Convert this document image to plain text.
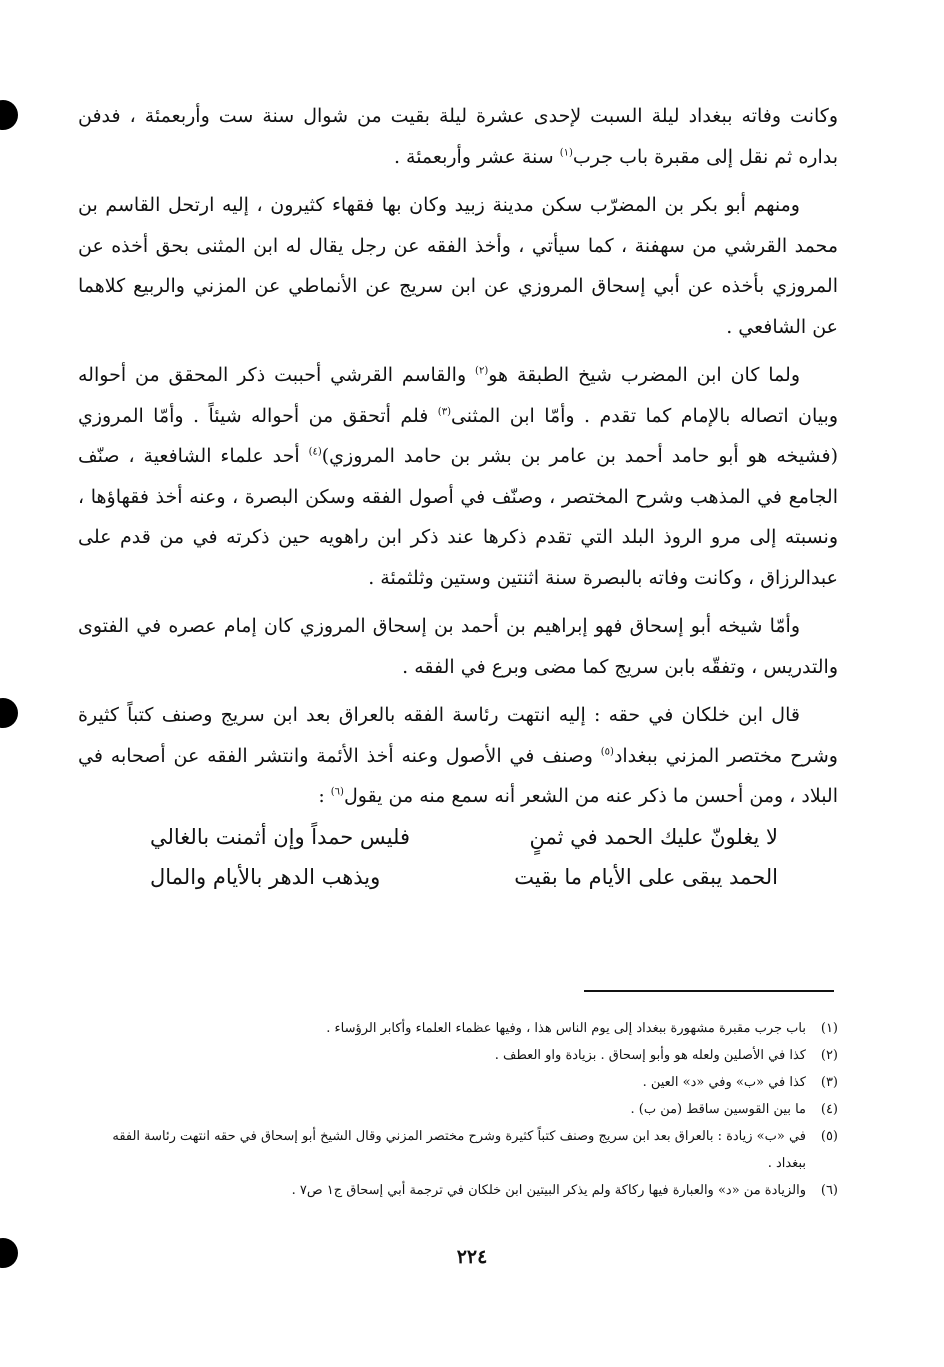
وكانت وفاته ببغداد ليلة السبت لإحدى عشرة ليلة بقيت من شوال سنة ست وأربعمئة ، فدفن بداره ثم نقل إلى مقبرة باب جرب$^{(١)}$ سنة عشر وأربعمئة .

ومنهم أبو بكر بن المضرّب سكن مدينة زبيد وكان بها فقهاء كثيرون ، إليه ارتحل القاسم بن محمد القرشي من سهفنة ، كما سيأتي ، وأخذ الفقه عن رجل يقال له ابن المثنى بحق أخذه عن المروزي بأخذه عن أبي إسحاق المروزي عن ابن سريج عن الأنماطي عن المزني والربيع كلاهما عن الشافعي .

ولما كان ابن المضرب شيخ الطبقة هو$^{(٢)}$ والقاسم القرشي أحببت ذكر المحقق من أحواله وبيان اتصاله بالإمام كما تقدم . وأمّا ابن المثنى$^{(٣)}$ فلم أتحقق من أحواله شيئاً . وأمّا المروزي (فشيخه هو أبو حامد أحمد بن عامر بن بشر بن حامد المروزي)$^{(٤)}$ أحد علماء الشافعية ، صنّف الجامع في المذهب وشرح المختصر ، وصنّف في أصول الفقه وسكن البصرة ، وعنه أخذ فقهاؤها ، ونسبته إلى مرو الروذ البلد التي تقدم ذكرها عند ذكر ابن راهويه حين ذكرته في من قدم على عبدالرزاق ، وكانت وفاته بالبصرة سنة اثنتين وستين وثلثمئة .

وأمّا شيخه أبو إسحاق فهو إبراهيم بن أحمد بن إسحاق المروزي كان إمام عصره في الفتوى والتدريس ، وتفقّه بابن سريج كما مضى وبرع في الفقه .

قال ابن خلكان في حقه : إليه انتهت رئاسة الفقه بالعراق بعد ابن سريج وصنف كتباً كثيرة وشرح مختصر المزني ببغداد$^{(٥)}$ وصنف في الأصول وعنه أخذ الأئمة وانتشر الفقه عن أصحابه في البلاد ، ومن أحسن ما ذكر عنه من الشعر أنه سمع منه من يقول$^{(٦)}$ :

لا يغلونّ عليك الحمد في ثمنٍ
فليس حمداً وإن أثمنت بالغالي
الحمد يبقى على الأيام ما بقيت
ويذهب الدهر بالأيام والمال
(١)
باب جرب مقبرة مشهورة ببغداد إلى يوم الناس هذا ، وفيها عظماء العلماء وأكابر الرؤساء .
(٢)
كذا في الأصلين ولعله هو وأبو إسحاق . بزيادة واو العطف .
(٣)
كذا في «ب» وفي «د» العين .
(٤)
ما بين القوسين ساقط (من ب) .
(٥)
في «ب» زيادة : بالعراق بعد ابن سريج وصنف كتباً كثيرة وشرح مختصر المزني وقال الشيخ أبو إسحاق في حقه انتهت رئاسة الفقه ببغداد .
(٦)
والزيادة من «د» والعبارة فيها ركاكة ولم يذكر البيتين ابن خلكان في ترجمة أبي إسحاق ج١ ص٧ .
٢٢٤
